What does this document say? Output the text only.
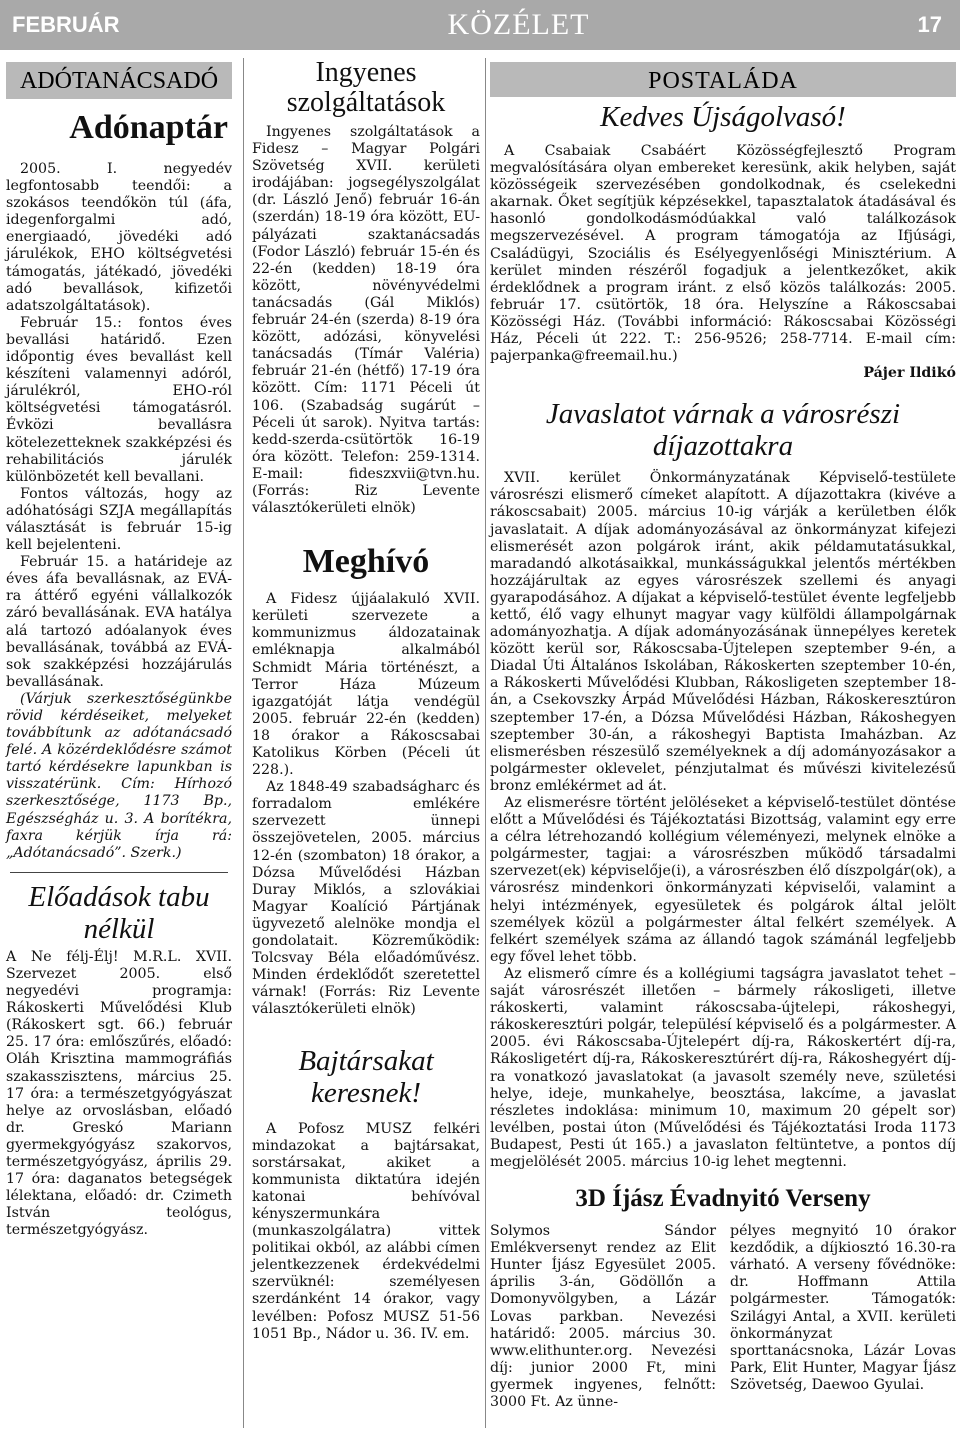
FEBRUÁR	KÖZÉLET	17
ADÓTANÁCSADÓ
Adónaptár

2005. I. negyedév legfontosabb teendői: a szokásos teendőkön túl (áfa, idegenforgalmi adó, energiaadó, jövedéki adó járulékok, EHO költségvetési támogatás, játékadó, jövedéki adó bevallások, kifizetői adatszolgáltatások).

Február 15.: fontos éves bevallási határidő. Ezen időpontig éves bevallást kell készíteni valamennyi adóról, járulékról, EHO-ról költségvetési támogatásról. Évközi bevallásra kötelezetteknek szakképzési és rehabilitációs járulék különbözetét kell bevallani.

Fontos változás, hogy az adóhatósági SZJA megállapítás választását is február 15-ig kell bejelenteni.

Február 15. a határideje az éves áfa bevallásnak, az EVÁ-ra áttérő egyéni vállalkozók záró bevallásának. EVA hatálya alá tartozó adóalanyok éves bevallásának, továbbá az EVÁ-sok szakképzési hozzájárulás bevallásának.

(Várjuk szerkesztőségünkbe rövid kérdéseiket, melyeket továbbítunk az adótanácsadó felé. A közérdeklődésre számot tartó kérdésekre lapunkban is visszatérünk. Cím: Hírhozó szerkesztősége, 1173 Bp., Egészségház u. 3. A borítékra, faxra kérjük írja rá: „Adótanácsadó”. Szerk.)

Előadások tabu nélkül

A Ne félj-Élj! M.R.L. XVII. Szervezet 2005. első negyedévi programja: Rákoskerti Művelődési Klub (Rákoskert sgt. 66.) február 25. 17 óra: emlőszűrés, előadó: Oláh Krisztina mammográfiás szakasszisztens, március 25. 17 óra: a természetgyógyászat helye az orvoslásban, előadó dr. Greskó Mariann gyermekgyógyász szakorvos, természetgyógyász, április 29. 17 óra: daganatos betegségek lélektana, előadó: dr. Czimeth István teológus, természetgyógyász.

Ingyenes szolgáltatások

Ingyenes szolgáltatások a Fidesz – Magyar Polgári Szövetség XVII. kerületi irodájában: jogsegélyszolgálat (dr. László Jenő) február 16-án (szerdán) 18-19 óra között, EU-pályázati szaktanácsadás (Fodor László) február 15-én és 22-én (kedden) 18-19 óra között, növényvédelmi tanácsadás (Gál Miklós) február 24-én (szerda) 8-19 óra között, adózási, könyvelési tanácsadás (Tímár Valéria) február 21-én (hétfő) 17-19 óra között. Cím: 1171 Péceli út 106. (Szabadság sugárút – Péceli út sarok). Nyitva tartás: kedd-szerda-csütörtök 16-19 óra között. Telefon: 259-1314. E-mail: fideszxvii@tvn.hu. (Forrás: Riz Levente választókerületi elnök)

Meghívó

A Fidesz újjáalakuló XVII. kerületi szervezete a kommunizmus áldozatainak emléknapja alkalmából Schmidt Mária történészt, a Terror Háza Múzeum igazgatóját látja vendégül 2005. február 22-én (kedden) 18 órakor a Rákoscsabai Katolikus Körben (Péceli út 228.).

Az 1848-49 szabadságharc és forradalom emlékére szervezett ünnepi összejövetelen, 2005. március 12-én (szombaton) 18 órakor, a Dózsa Művelődési Házban Duray Miklós, a szlovákiai Magyar Koalíció Pártjának ügyvezető alelnöke mondja el gondolatait. Közreműködik: Tolcsvay Béla előadóművész. Minden érdeklődőt szeretettel várnak! (Forrás: Riz Levente választókerületi elnök)

Bajtársakat keresnek!

A Pofosz MUSZ felkéri mindazokat a bajtársakat, sorstársakat, akiket a kommunista diktatúra idején katonai behívóval kényszermunkára (munkaszolgálatra) vittek politikai okból, az alábbi címen jelentkezzenek érdekvédelmi szervüknél: személyesen szerdánként 14 órakor, vagy levélben: Pofosz MUSZ 51-56 1051 Bp., Nádor u. 36. IV. em.

POSTALÁDA
Kedves Újságolvasó!

A Csabaiak Csabáért Közösségfejlesztő Program megvalósítására olyan embereket keresünk, akik helyben, saját közösségeik szervezésében gondolkodnak, és cselekedni akarnak. Őket segítjük képzésekkel, tapasztalatok átadásával és hasonló gondolkodásmódúakkal való találkozások megszervezésével. A program támogatója az Ifjúsági, Családügyi, Szociális és Esélyegyenlőségi Minisztérium. A kerület minden részéről fogadjuk a jelentkezőket, akik érdeklődnek a program iránt. z első közös találkozás: 2005. február 17. csütörtök, 18 óra. Helyszíne a Rákoscsabai Közösségi Ház. (További információ: Rákoscsabai Közösségi Ház, Péceli út 222. T.: 256-9526; 258-7714. E-mail cím: pajerpanka@freemail.hu.)

Pájer Ildikó
Javaslatot várnak a városrészi díjazottakra

XVII. kerület Önkormányzatának Képviselő-testülete városrészi elismerő címeket alapított. A díjazottakra (kivéve a rákoscsabait) 2005. március 10-ig várják a kerületben élők javaslatait. A díjak adományozásával az önkormányzat kifejezi elismerését azon polgárok iránt, akik példamutatásukkal, maradandó alkotásaikkal, munkásságukkal jelentős mértékben hozzájárultak az egyes városrészek szellemi és anyagi gyarapodásához. A díjakat a képviselő-testület évente legfeljebb kettő, élő vagy elhunyt magyar vagy külföldi állampolgárnak adományozhatja. A díjak adományozásának ünnepélyes keretek között kerül sor, Rákoscsaba-Újtelepen szeptember 9-én, a Diadal Úti Általános Iskolában, Rákoskerten szeptember 10-én, a Rákoskerti Művelődési Klubban, Rákosligeten szeptember 18-án, a Csekovszky Árpád Művelődési Házban, Rákoskeresztúron szeptember 17-én, a Dózsa Művelődési Házban, Rákoshegyen szeptember 30-án, a rákoshegyi Baptista Imaházban. Az elismerésben részesülő személyeknek a díj adományozásakor a polgármester oklevelet, pénzjutalmat és művészi kivitelezésű bronz emlékérmet ad át.

Az elismerésre történt jelöléseket a képviselő-testület döntése előtt a Művelődési és Tájékoztatási Bizottság, valamint egy erre a célra létrehozandó kollégium véleményezi, melynek elnöke a polgármester, tagjai: a városrészben működő társadalmi szervezet(ek) képviselője(i), a városrészben élő díszpolgár(ok), a városrész mindenkori önkormányzati képviselői, valamint a helyi intézmények, egyesületek és polgárok által jelölt személyek közül a polgármester által felkért személyek. A felkért személyek száma az állandó tagok számánál legfeljebb egy fővel lehet több.

Az elismerő címre és a kollégiumi tagságra javaslatot tehet – saját városrészét illetően – bármely rákosligeti, illetve rákoskerti, valamint rákoscsaba-újtelepi, rákoshegyi, rákoskeresztúri polgár, településí képviselő és a polgármester. A 2005. évi Rákoscsaba-Újtelepért díj-ra, Rákoskertért díj-ra, Rákosligetért díj-ra, Rákoskeresztúrért díj-ra, Rákoshegyért díj-ra vonatkozó javaslatokat (a javasolt személy neve, születési helye, ideje, munkahelye, beosztása, lakcíme, a javaslat részletes indoklása: minimum 10, maximum 20 gépelt sor) levélben, postai úton (Művelődési és Tájékoztatási Iroda 1173 Budapest, Pesti út 165.) a javaslaton feltüntetve, a pontos díj megjelölését 2005. március 10-ig lehet megtenni.

3D Íjász Évadnyitó Verseny

Solymos Sándor Emlékversenyt rendez az Elit Hunter Íjász Egyesület 2005. április 3-án, Gödöllőn a Domonyvölgyben, a Lázár Lovas parkban. Nevezési határidő: 2005. március 30. www.elithunter.org. Nevezési díj: junior 2000 Ft, mini gyermek ingyenes, felnőtt: 3000 Ft. Az ünne-

pélyes megnyitó 10 órakor kezdődik, a díjkiosztó 16.30-ra várható. A verseny fővédnöke: dr. Hoffmann Attila polgármester. Támogatók: Szilágyi Antal, a XVII. kerületi önkormányzat sporttanácsnoka, Lázár Lovas Park, Elit Hunter, Magyar Íjász Szövetség, Daewoo Gyulai.
